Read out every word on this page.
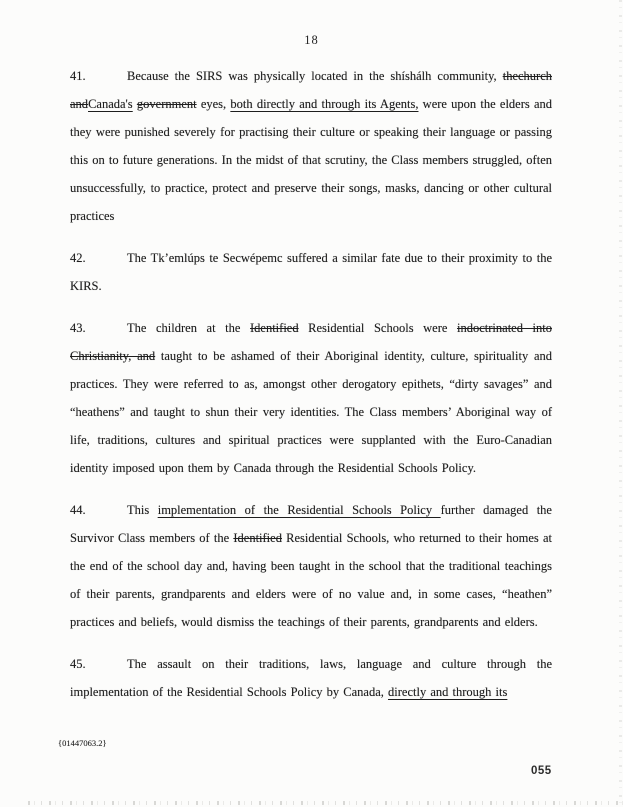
18

41.	Because the SIRS was physically located in the shíshálh community, thechurch andCanada's government eyes, both directly and through its Agents, were upon the elders and they were punished severely for practising their culture or speaking their language or passing this on to future generations. In the midst of that scrutiny, the Class members struggled, often unsuccessfully, to practice, protect and preserve their songs, masks, dancing or other cultural practices

42.	The Tk’emlúps te Secwépemc suffered a similar fate due to their proximity to the KIRS.

43.	The children at the Identified Residential Schools were indoctrinated into Christianity, and taught to be ashamed of their Aboriginal identity, culture, spirituality and practices. They were referred to as, amongst other derogatory epithets, “dirty savages” and “heathens” and taught to shun their very identities. The Class members’ Aboriginal way of life, traditions, cultures and spiritual practices were supplanted with the Euro-Canadian identity imposed upon them by Canada through the Residential Schools Policy.

44.	This implementation of the Residential Schools Policy further damaged the Survivor Class members of the Identified Residential Schools, who returned to their homes at the end of the school day and, having been taught in the school that the traditional teachings of their parents, grandparents and elders were of no value and, in some cases, “heathen” practices and beliefs, would dismiss the teachings of their parents, grandparents and elders.

45.	The assault on their traditions, laws, language and culture through the implementation of the Residential Schools Policy by Canada, directly and through its

{01447063.2}
055
